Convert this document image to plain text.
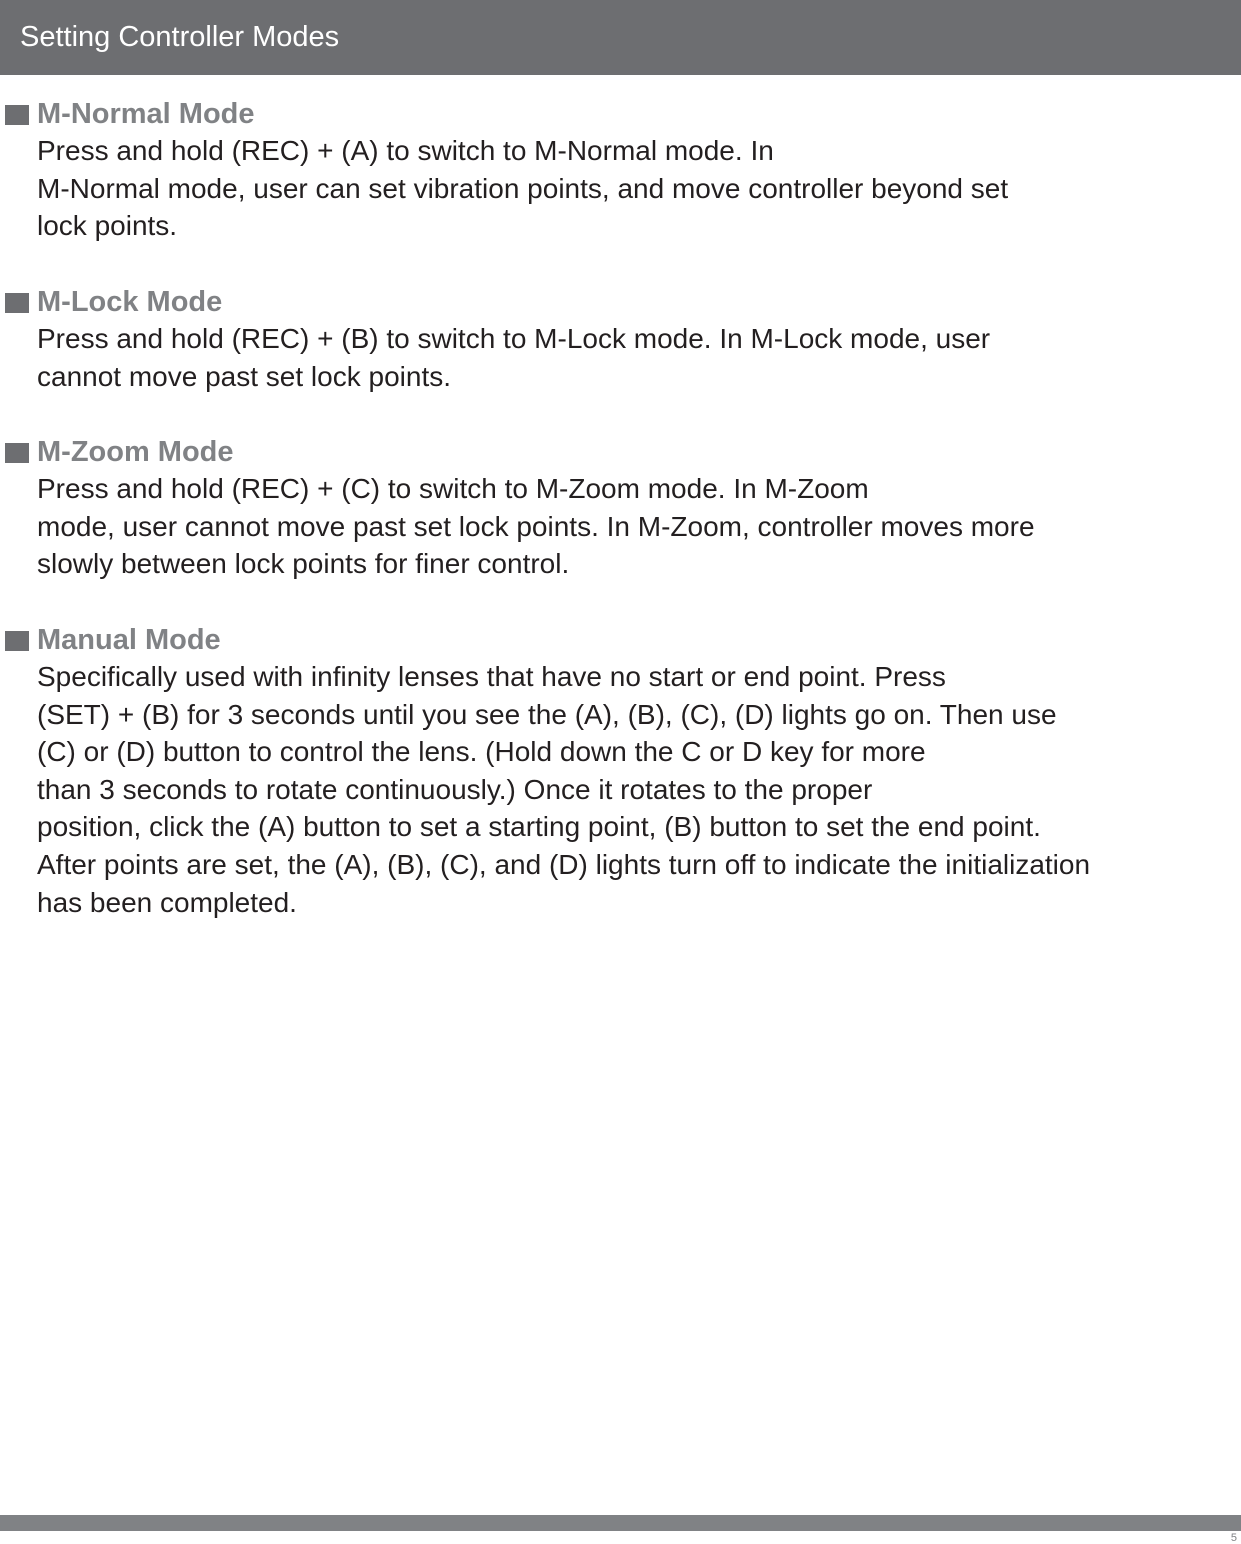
Setting Controller Modes
M-Normal Mode

Press and hold (REC) + (A) to switch to M-Normal mode. In
M-Normal mode, user can set vibration points, and move controller beyond set
lock points.

M-Lock Mode

Press and hold (REC) + (B) to switch to M-Lock mode. In M-Lock mode, user
cannot move past set lock points.

M-Zoom Mode

Press and hold (REC) + (C) to switch to M-Zoom mode. In M-Zoom
mode, user cannot move past set lock points. In M-Zoom, controller moves more
slowly between lock points for finer control.

Manual Mode

Specifically used with infinity lenses that have no start or end point. Press
(SET) + (B) for 3 seconds until you see the (A), (B), (C), (D) lights go on. Then use
(C) or (D) button to control the lens. (Hold down the C or D key for more
than 3 seconds to rotate continuously.) Once it rotates to the proper
position, click the (A) button to set a starting point, (B) button to set the end point.
After points are set, the (A), (B), (C), and (D) lights turn off to indicate the initialization
has been completed.

5
